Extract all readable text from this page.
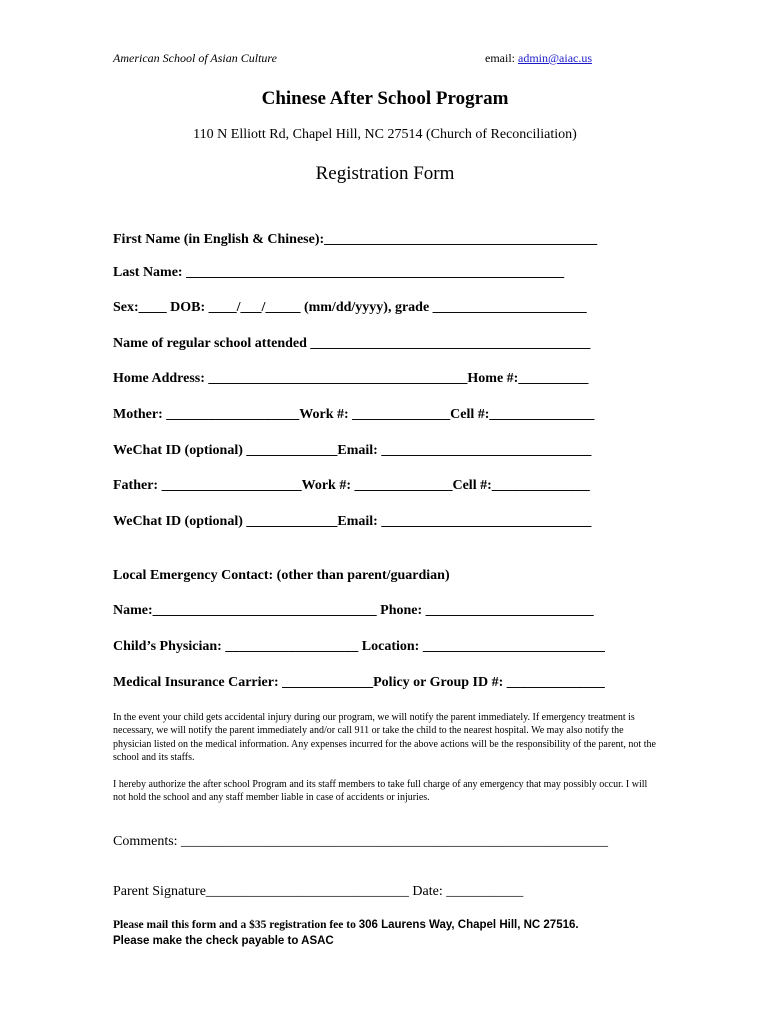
American School of Asian Culture	email: admin@aiac.us
Chinese After School Program
110 N Elliott Rd, Chapel Hill, NC 27514 (Church of Reconciliation)
Registration Form
First Name (in English & Chinese):_______________________________________
Last Name: ______________________________________________________
Sex:____ DOB: ____/___/_____ (mm/dd/yyyy), grade ______________________
Name of regular school attended ________________________________________
Home Address: _____________________________________Home #:__________
Mother: ___________________Work #: ______________Cell #:_______________
WeChat ID (optional) _____________Email: ______________________________
Father: ____________________Work #: ______________Cell #:______________
WeChat ID (optional) _____________Email: ______________________________
Local Emergency Contact: (other than parent/guardian)
Name:________________________________ Phone: ________________________
Child’s Physician: ___________________ Location: __________________________
Medical Insurance Carrier: _____________Policy or Group ID #: ______________
In the event your child gets accidental injury during our program, we will notify the parent immediately. If emergency treatment is necessary, we will notify the parent immediately and/or call 911 or take the child to the nearest hospital. We may also notify the physician listed on the medical information. Any expenses incurred for the above actions will be the responsibility of the parent, not the school and its staffs.
I hereby authorize the after school Program and its staff members to take full charge of any emergency that may possibly occur. I will not hold the school and any staff member liable in case of accidents or injuries.
Comments: _____________________________________________________________
Parent Signature_____________________________ Date: ___________
Please mail this form and a $35 registration fee to 306 Laurens Way, Chapel Hill, NC 27516.
Please make the check payable to ASAC
